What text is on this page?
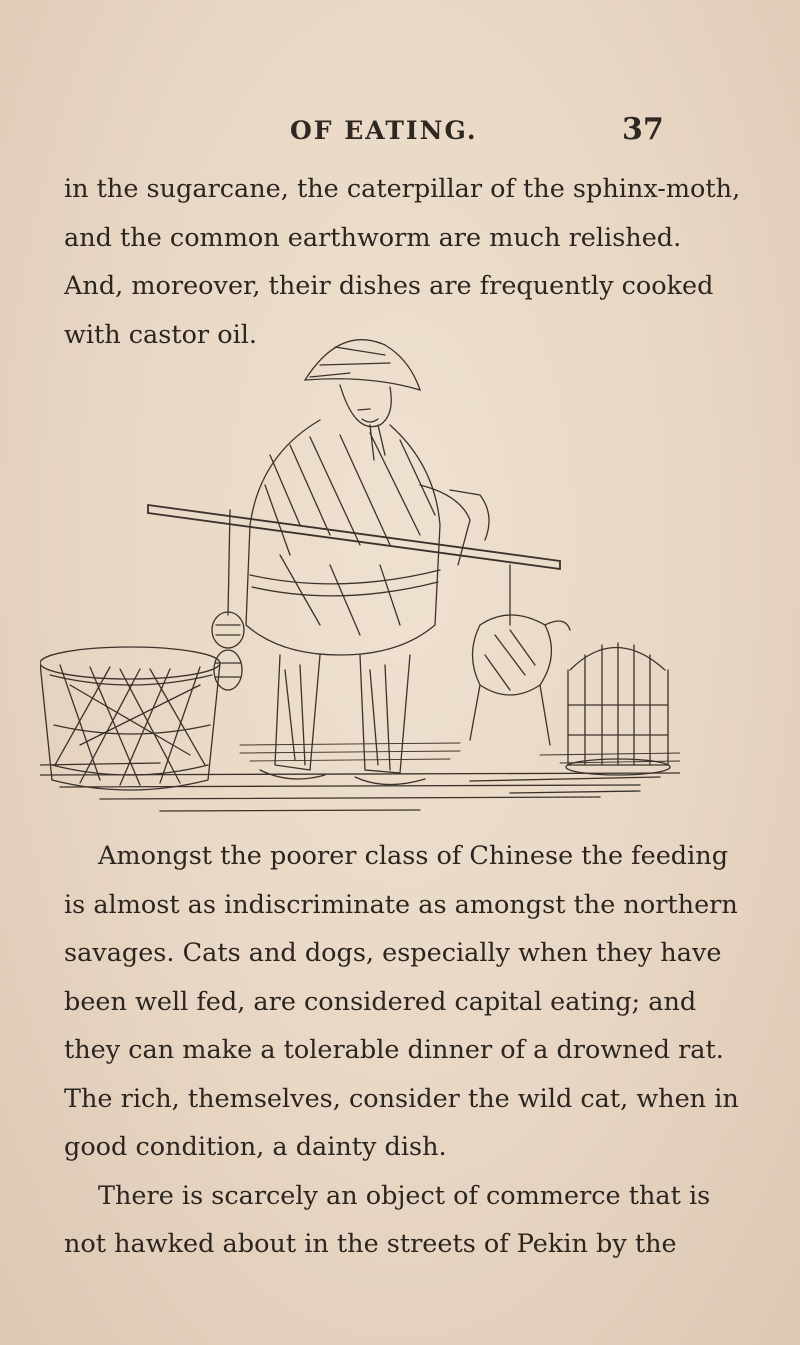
OF EATING.	37
in the sugarcane, the caterpillar of the sphinx-moth,
and the common earthworm are much relished.
And, moreover, their dishes are frequently cooked
with castor oil.
Amongst the poorer class of Chinese the feeding
is almost as indiscriminate as amongst the northern
savages. Cats and dogs, especially when they have
been well fed, are considered capital eating; and
they can make a tolerable dinner of a drowned rat.
The rich, themselves, consider the wild cat, when in
good condition, a dainty dish.
There is scarcely an object of commerce that is
not hawked about in the streets of Pekin by the
